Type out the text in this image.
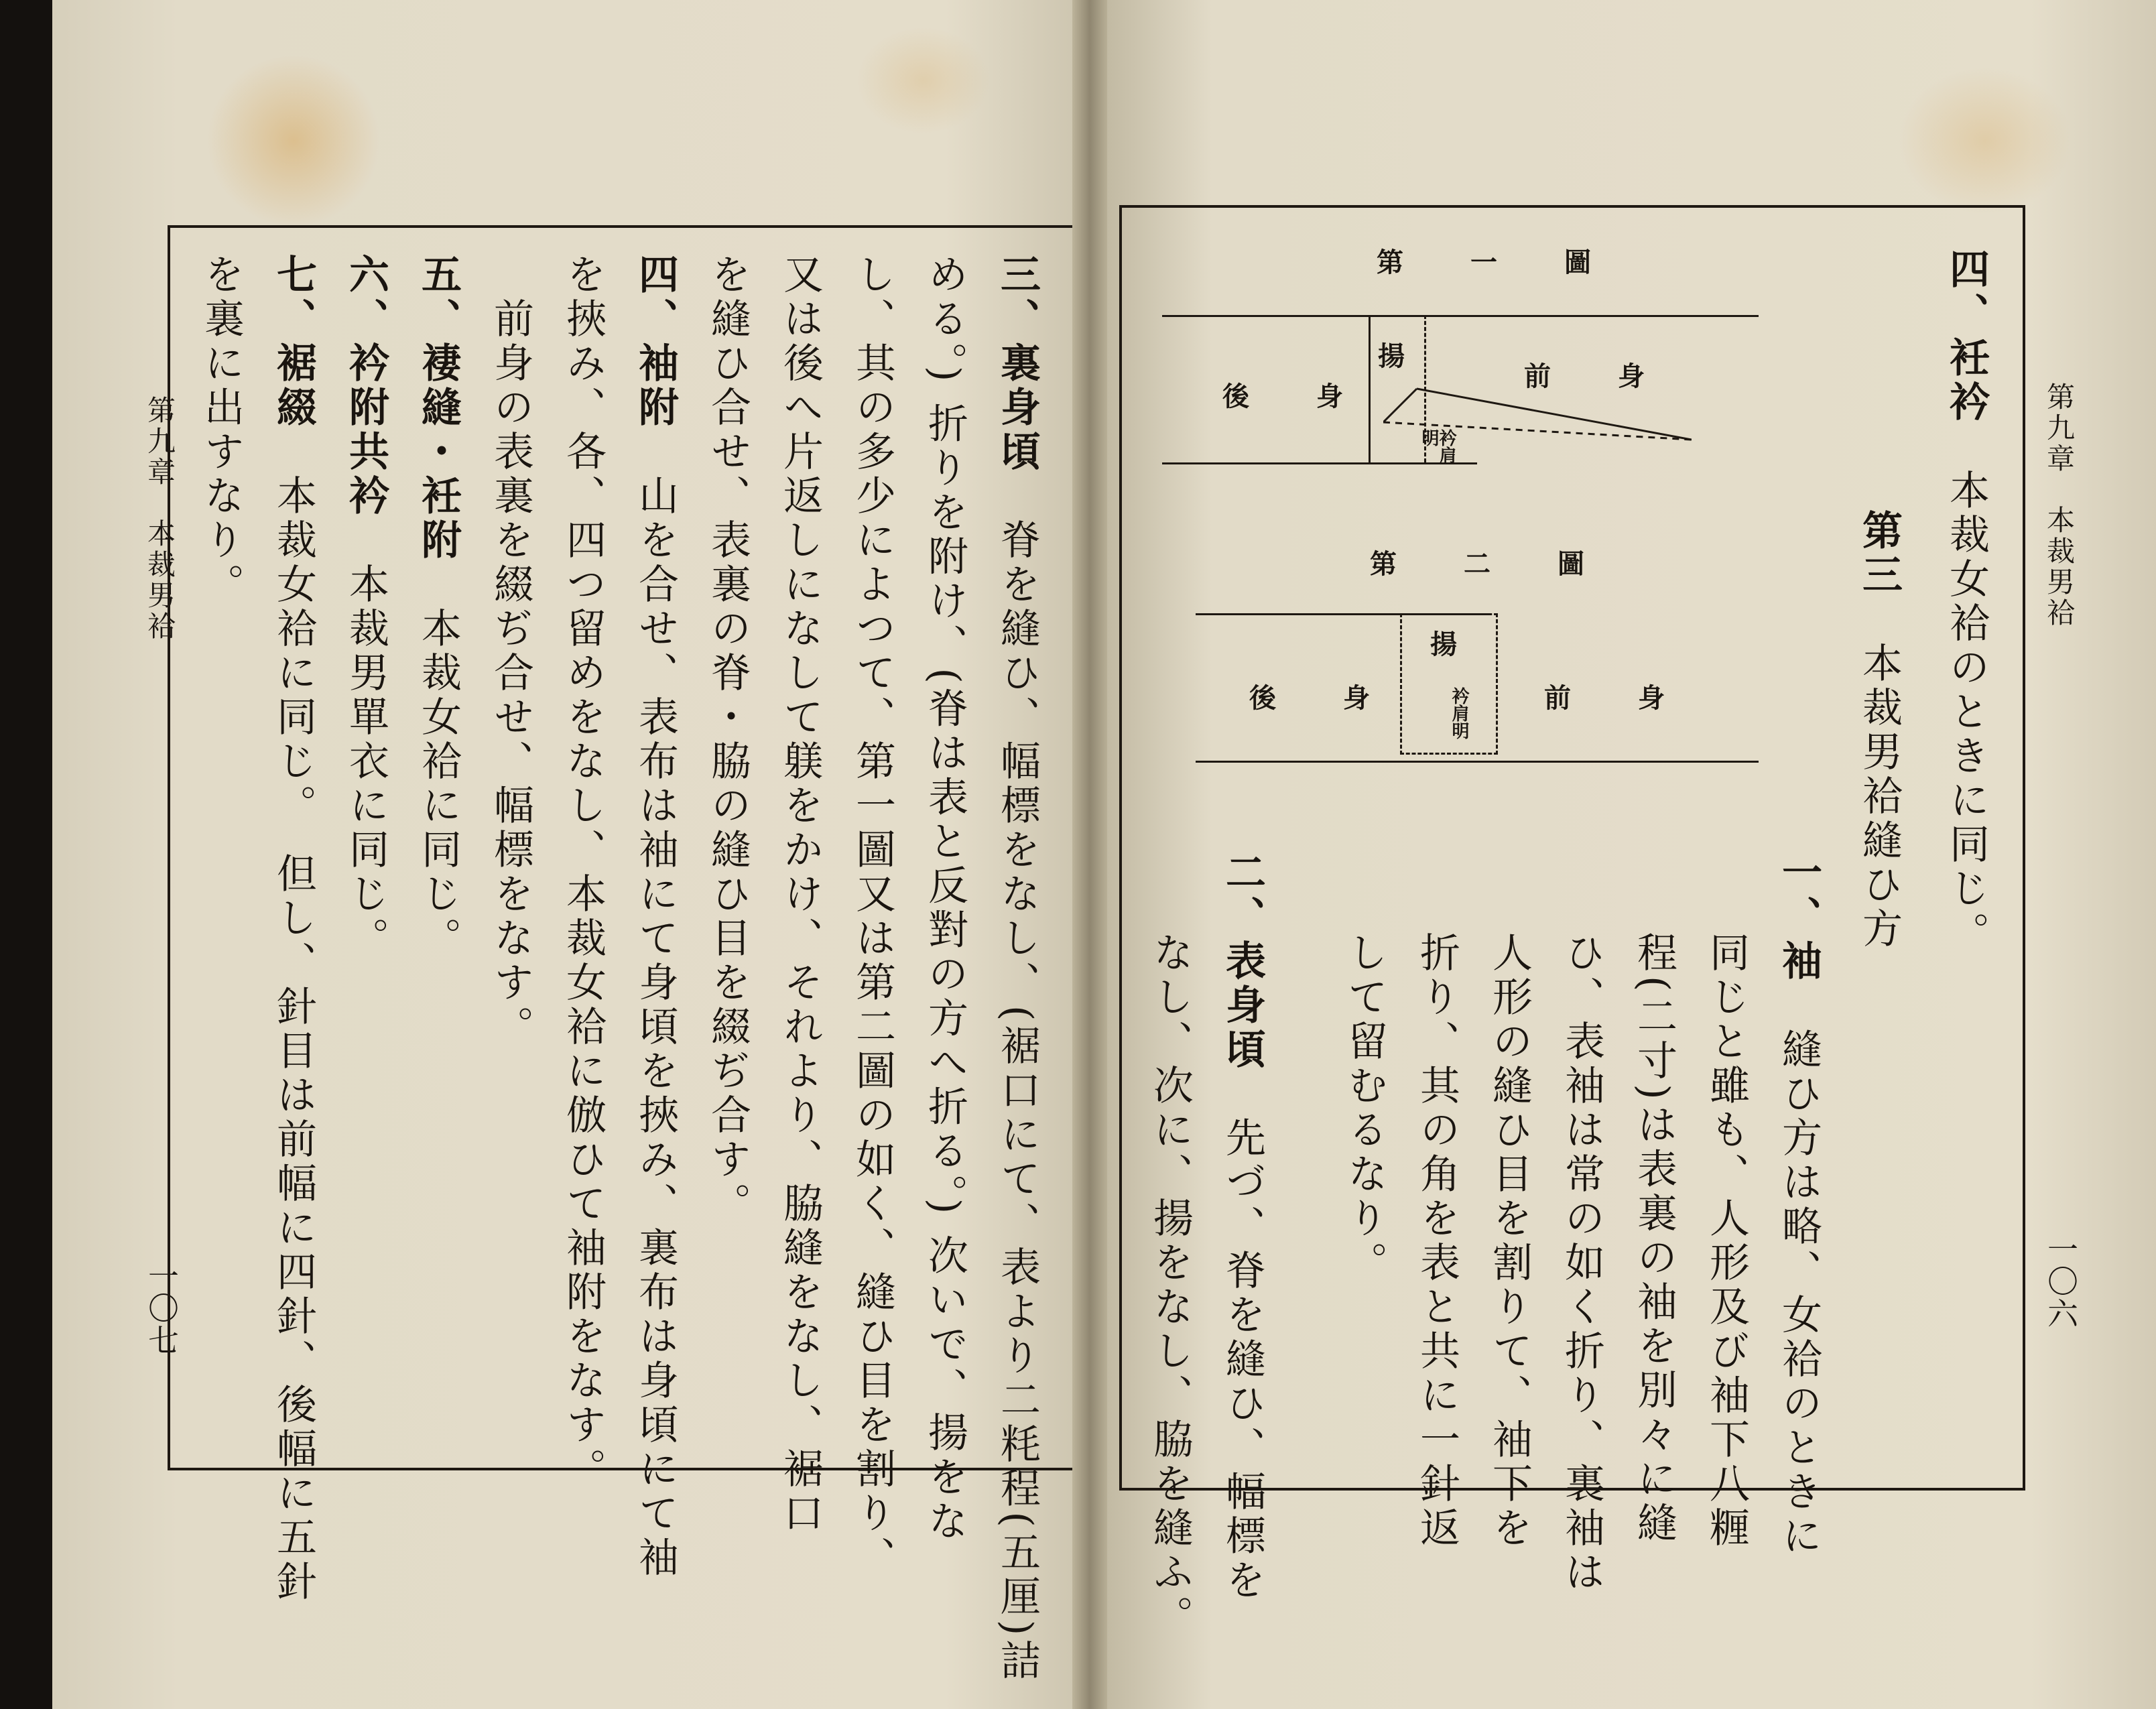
第九章　本裁男袷
一〇七
三、裏身頃　脊を縫ひ、幅標をなし、(裾口にて、表より二粍程(五厘)詰
める。) 折りを附け、(脊は表と反對の方へ折る。) 次いで、揚をな
し、其の多少によつて、第一圖又は第二圖の如く、縫ひ目を割り、
又は後へ片返しになして躾をかけ、それより、脇縫をなし、裾口
を縫ひ合せ、表裏の脊・脇の縫ひ目を綴ぢ合す。
四、袖附　山を合せ、表布は袖にて身頃を挾み、裏布は身頃にて袖
を挾み、各、四つ留めをなし、本裁女袷に倣ひて袖附をなす。
　前身の表裏を綴ぢ合せ、幅標をなす。
五、褄縫・衽附　本裁女袷に同じ。
六、衿附共衿　本裁男單衣に同じ。
七、裾綴　本裁女袷に同じ。　但し、針目は前幅に四針、後幅に五針
を裏に出すなり。	第九章　本裁男袷
一〇六
第　一　圖
後　身
前　身
揚
衿肩明
第　二　圖
後　身	前　身
揚
衿肩明
四、衽衿　本裁女袷のときに同じ。
第三　本裁男袷縫ひ方
一、袖　縫ひ方は略、女袷のときに
同じと雖も、人形及び袖下八糎
程(二寸)は表裏の袖を別々に縫
ひ、表袖は常の如く折り、裏袖は
人形の縫ひ目を割りて、袖下を
折り、其の角を表と共に一針返
して留むるなり。
二、表身頃　先づ、脊を縫ひ、幅標を
なし、次に、揚をなし、脇を縫ふ。
